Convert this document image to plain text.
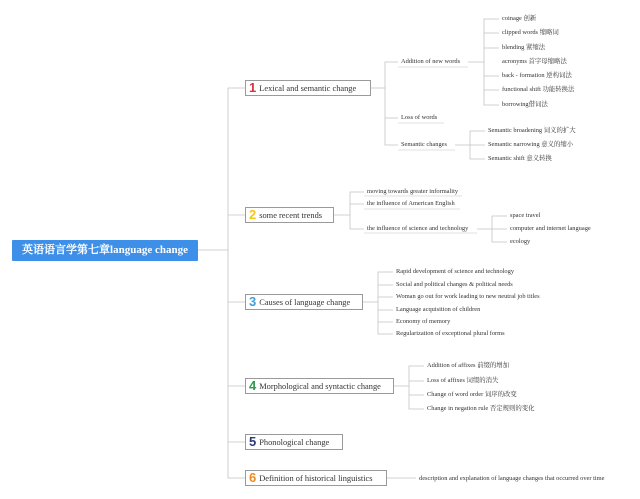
英语语言学第七章language change
1 Lexical and semantic change
2 some recent trends
3 Causes of language change
4 Morphological and syntactic change
5 Phonological change
6 Definition of historical linguistics
Addition of new words
Loss of words
Semantic changes
coinage 创新
clipped words 缩略词
blending 紧缩法
acronyms 首字母缩略法
back - formation 逆构词法
functional shift 功能转换法
borrowing借词法
Semantic broadening 词义的扩大
Semantic narrowing 意义的缩小
Semantic shift 意义转换
moving towards greater informality
the influence of American English
the influence of science and technology
space travel
computer and internet language
ecology
Rapid development of science and technology
Social and political changes & political needs
Woman go out for work leading to new neutral job titles
Language acquisition of children
Economy of memory
Regularization of exceptional plural forms
Addition of affixes 前缀的增加
Loss of affixes 词缀的消失
Change of word order 词序的改变
Change in negation rule 否定规则的变化
description and explanation of language changes that occurred over time
